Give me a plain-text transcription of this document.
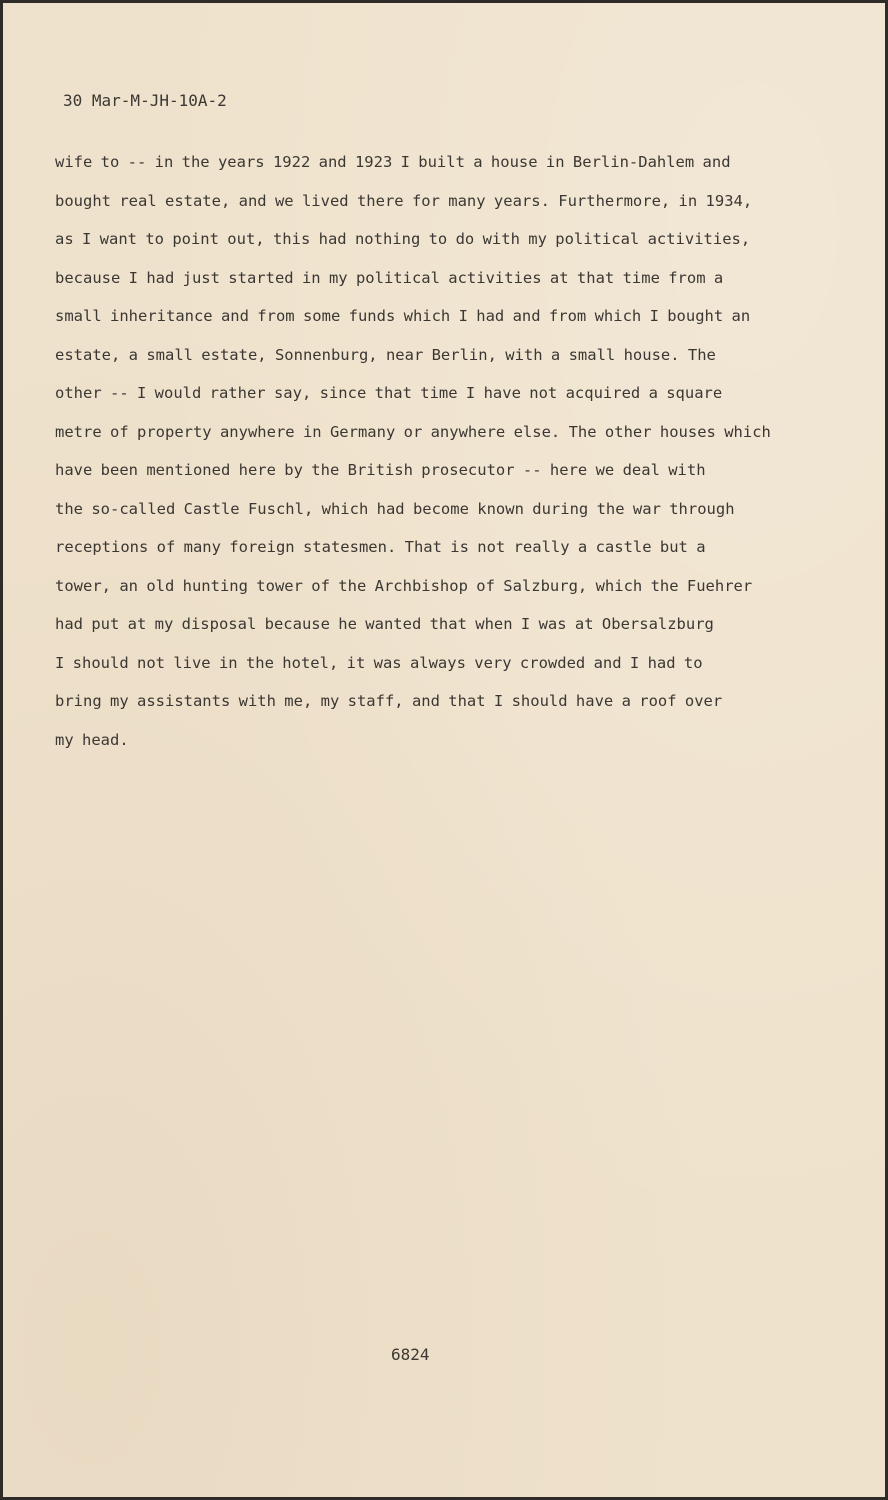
30 Mar-M-JH-10A-2
wife to -- in the years 1922 and 1923 I built a house in Berlin-Dahlem and
bought real estate, and we lived there for many years. Furthermore, in 1934,
as I want to point out, this had nothing to do with my political activities,
because I had just started in my political activities at that time from a
small inheritance and from some funds which I had and from which I bought an
estate, a small estate, Sonnenburg, near Berlin, with a small house. The
other -- I would rather say, since that time I have not acquired a square
metre of property anywhere in Germany or anywhere else. The other houses which
have been mentioned here by the British prosecutor -- here we deal with
the so-called Castle Fuschl, which had become known during the war through
receptions of many foreign statesmen. That is not really a castle but a
tower, an old hunting tower of the Archbishop of Salzburg, which the Fuehrer
had put at my disposal because he wanted that when I was at Obersalzburg
I should not live in the hotel, it was always very crowded and I had to
bring my assistants with me, my staff, and that I should have a roof over
my head.
6824
